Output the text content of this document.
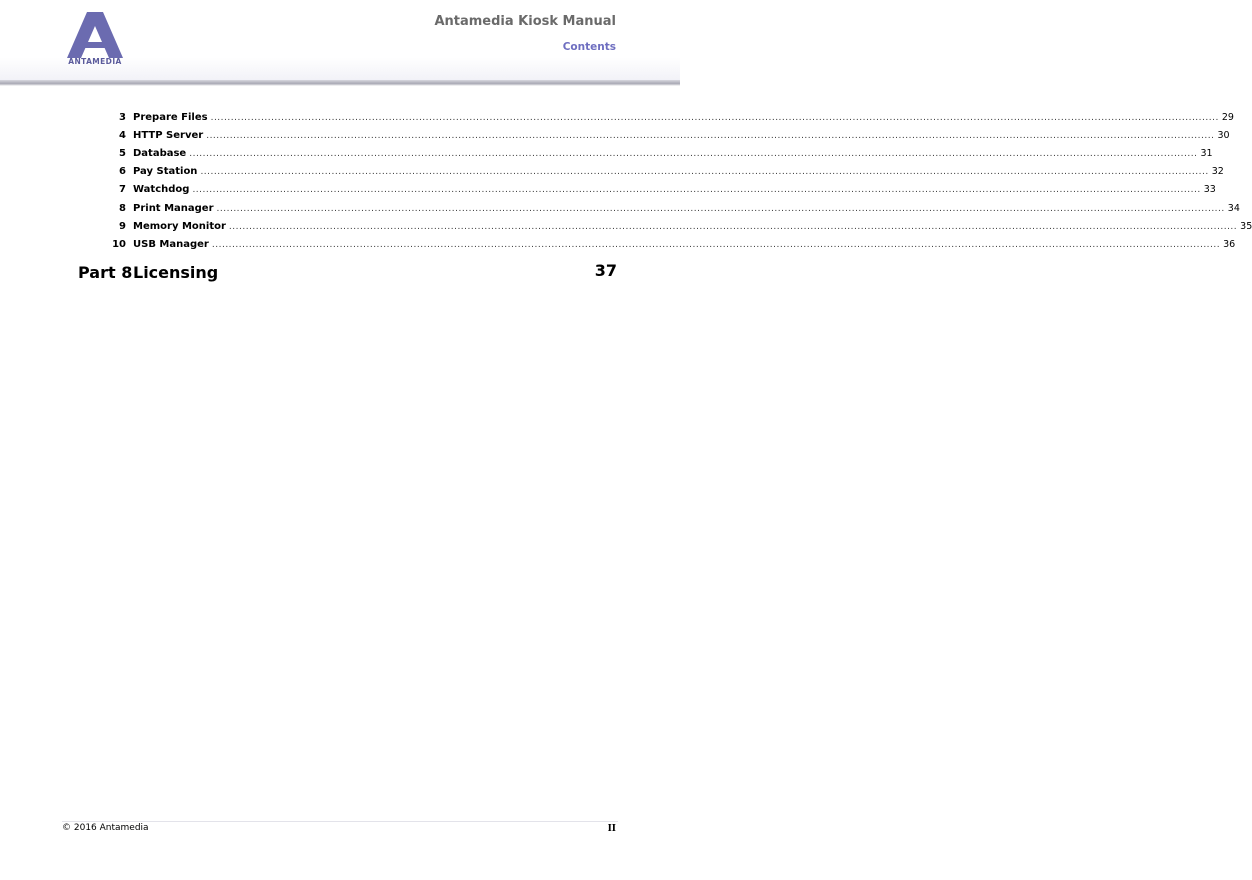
ANTAMEDIA
Antamedia Kiosk Manual
Contents
3 Prepare Files ............................................................................................................................................................................................................................................................................................................ 29
4 HTTP Server ............................................................................................................................................................................................................................................................................................................ 30
5 Database ............................................................................................................................................................................................................................................................................................................ 31
6 Pay Station ............................................................................................................................................................................................................................................................................................................ 32
7 Watchdog ............................................................................................................................................................................................................................................................................................................ 33
8 Print Manager ............................................................................................................................................................................................................................................................................................................ 34
9 Memory Monitor ............................................................................................................................................................................................................................................................................................................ 35
10 USB Manager ............................................................................................................................................................................................................................................................................................................ 36
Part 8 Licensing	37
© 2016 Antamedia	II
